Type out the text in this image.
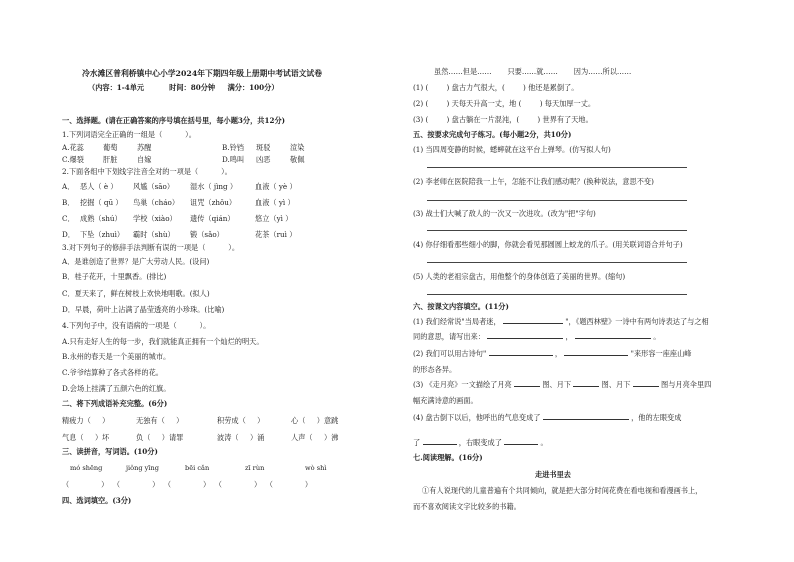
冷水滩区普利桥镇中心小学2024年下期四年级上册期中考试语文试卷
（内容：1-4单元          时间：80分钟     满分：100分）
一、选择题。(请在正确答案的序号填在括号里，每小题3分，共12分)
1.下列词语完全正确的一组是（          ）。
A.花蕊	葡萄	苏醒	B.铃铛 斑驳	渲染
C.爆裂	肝脏	自嫁	D.鸣叫 凶恶	敬佩
2.下面各组中下划线字注音全对的一项是（          ）。
A． 恶人（ è ） 风尴（sāo） 湿水（ jìng ） 血液（ yè ）
B． 挖掘（ qū ） 鸟巢（cháo） 诅咒（zhǒu）	血液（ yì ）
C． 成熟（shú） 学校（xiào） 遗传（qián）	悠立（yì ）
D． 下坠（zhuì） 霸时（shù） 锻（sǎo）	花茶（ruì ）
3.对下列句子的修辞手法判断有误的一项是（          ）。
A．是谁创造了世界？是广大劳动人民。(设问)
B．桂子花开，十里飘香。(排比)
C．夏天来了，鲜在树枝上欢快地唱歌。(拟人)
D．早晨，荷叶上沾满了晶莹透亮的小珍珠。(比喻)
4.下列句子中，没有语病的一项是（          ）。
A.只有走好人生的每一步，我们就能真正拥有一个灿烂的明天。
B.永州的春天是一个美丽的城市。
C.爷爷结算种了各式各样的花。
D.会场上挂满了五颜六色的红旗。
二、将下列成语补充完整。(6分)
精疲力（     ）	无独有（     ）	积劳成（     ）	心（     ）意跳
气息（     ）坏	负（     ）请罪	波涛（     ）涌	人声（     ）沸
三、读拼音，写词语。(10分)
mó shēng	jiǒng yīng	bēi cǎn	zī rùn	wò shì
（              ）  （              ）  （              ）  （              ）  （              ）
四、选词填空。(3分)
虽然……但是……       只要……就……       因为……所以……
(1) (        ) 盘古力气很大，(        ) 他还是累倒了。
(2) (        ) 天每天升高一丈，地 (        ) 每天加厚一丈。
(3) (        ) 盘古躺在一片混沌，(        ) 世界有了天地。
五、按要求完成句子练习。(每小题2分，共10分)
(1) 当四周变静的时候，蟋蟀就在这平台上弹琴。(仿写拟人句)
(2) 李老师在医院陪我一上午，怎能不让我们感动呢？(换种说法，意思不变)
(3) 战士们大喊了敌人的一次又一次进攻。(改为"把"字句)
(4) 你仔细看那些细小的脚，你就会看见那圆圆上蛟龙的爪子。(用关联词语合并句子)
(5) 人类的老祖宗盘古，用他整个的身体创造了美丽的世界。(缩句)
六、按课文内容填空。(11分)
(1) 我们经常说"当局者迷，	"，《题西林壁》一诗中有两句诗表达了与之相
同的意思，请写出来：	，	。
(2) 我们可以用古诗句"	，	"来形容一座座山峰
的形态各异。
(3) 《走月亮》一文描绘了月亮	图、月下	图、月下	图与月亮伞里四
幅充满诗意的画面。
(4) 盘古倒下以后，他呼出的气息变成了	，他的左眼变成
了	，右眼变成了	。
七.阅读理解。(16分)
走进书里去
①有人说现代的儿童普遍有个共同倾向，就是把大部分时间花费在看电视和看漫画书上，
而不喜欢阅读文字比较多的书籍。
